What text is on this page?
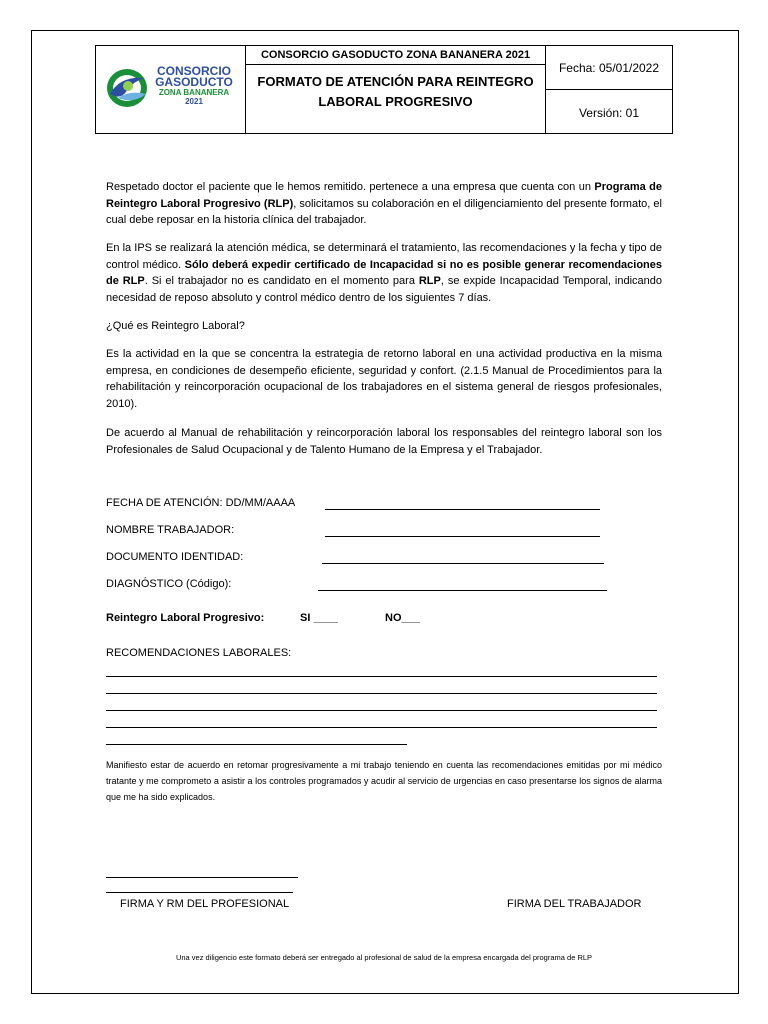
CONSORCIO
GASODUCTO
ZONA BANANERA
2021
CONSORCIO GASODUCTO ZONA BANANERA 2021
FORMATO DE ATENCIÓN PARA REINTEGRO
LABORAL PROGRESIVO
Fecha: 05/01/2022
Versión: 01
Respetado doctor el paciente que le hemos remitido. pertenece a una empresa que cuenta con un Programa de Reintegro Laboral Progresivo (RLP), solicitamos su colaboración en el diligenciamiento del presente formato, el cual debe reposar en la historia clínica del trabajador.
En la IPS se realizará la atención médica, se determinará el tratamiento, las recomendaciones y la fecha y tipo de control médico. Sólo deberá expedir certificado de Incapacidad si no es posible generar recomendaciones de RLP. Si el trabajador no es candidato en el momento para RLP, se expide Incapacidad Temporal, indicando necesidad de reposo absoluto y control médico dentro de los siguientes 7 días.
¿Qué es Reintegro Laboral?
Es la actividad en la que se concentra la estrategia de retorno laboral en una actividad productiva en la misma empresa, en condiciones de desempeño eficiente, seguridad y confort. (2.1.5 Manual de Procedimientos para la rehabilitación y reincorporación ocupacional de los trabajadores en el sistema general de riesgos profesionales, 2010).
De acuerdo al Manual de rehabilitación y reincorporación laboral los responsables del reintegro laboral son los Profesionales de Salud Ocupacional y de Talento Humano de la Empresa y el Trabajador.
FECHA DE ATENCIÓN: DD/MM/AAAA
NOMBRE TRABAJADOR:
DOCUMENTO IDENTIDAD:
DIAGNÓSTICO (Código):
Reintegro Laboral Progresivo:	SI ____	NO___
RECOMENDACIONES LABORALES:
Manifiesto estar de acuerdo en retomar progresivamente a mi trabajo teniendo en cuenta las recomendaciones emitidas por mi médico tratante y me comprometo a asistir a los controles programados y acudir al servicio de urgencias en caso presentarse los signos de alarma que me ha sido explicados.
FIRMA Y RM DEL PROFESIONAL	FIRMA DEL TRABAJADOR
Una vez diligencio este formato deberá ser entregado al profesional de salud de la empresa encargada del programa de RLP
